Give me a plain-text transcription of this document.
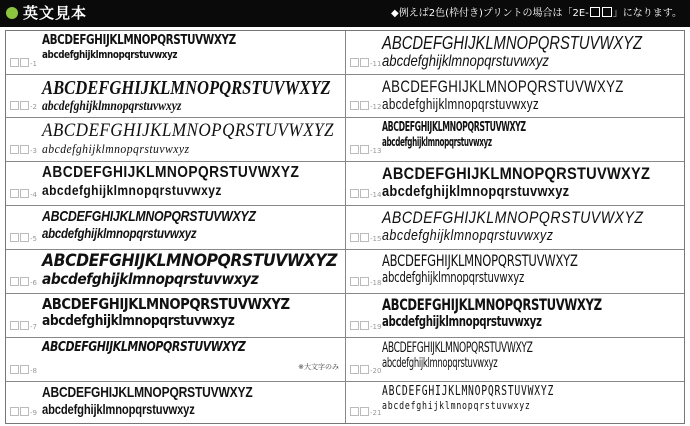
英文見本	◆例えば2色(枠付き)プリントの場合は「2E- 」になります。
-1
ABCDEFGHIJKLMNOPQRSTUVWXYZ
abcdefghijklmnopqrstuvwxyz
-2
ABCDEFGHIJKLMNOPQRSTUVWXYZ
abcdefghijklmnopqrstuvwxyz
-3
ABCDEFGHIJKLMNOPQRSTUVWXYZ
abcdefghijklmnopqrstuvwxyz
-4
ABCDEFGHIJKLMNOPQRSTUVWXYZ
abcdefghijklmnopqrstuvwxyz
-5
ABCDEFGHIJKLMNOPQRSTUVWXYZ
abcdefghijklmnopqrstuvwxyz
-6
ABCDEFGHIJKLMNOPQRSTUVWXYZ
abcdefghijklmnopqrstuvwxyz
-7
ABCDEFGHIJKLMNOPQRSTUVWXYZ
abcdefghijklmnopqrstuvwxyz
-8
ABCDEFGHIJKLMNOPQRSTUVWXYZ
※大文字のみ
-9
ABCDEFGHIJKLMNOPQRSTUVWXYZ
abcdefghijklmnopqrstuvwxyz
-11
ABCDEFGHIJKLMNOPQRSTUVWXYZ
abcdefghijklmnopqrstuvwxyz
-12
ABCDEFGHIJKLMNOPQRSTUVWXYZ
abcdefghijklmnopqrstuvwxyz
-13
ABCDEFGHIJKLMNOPQRSTUVWXYZ
abcdefghijklmnopqrstuvwxyz
-14
ABCDEFGHIJKLMNOPQRSTUVWXYZ
abcdefghijklmnopqrstuvwxyz
-15
ABCDEFGHIJKLMNOPQRSTUVWXYZ
abcdefghijklmnopqrstuvwxyz
-18
ABCDEFGHIJKLMNOPQRSTUVWXYZ
abcdefghijklmnopqrstuvwxyz
-19
ABCDEFGHIJKLMNOPQRSTUVWXYZ
abcdefghijklmnopqrstuvwxyz
-20
ABCDEFGHIJKLMNOPQRSTUVWXYZ
abcdefghijklmnopqrstuvwxyz
-21
ABCDEFGHIJKLMNOPQRSTUVWXYZ
abcdefghijklmnopqrstuvwxyz
